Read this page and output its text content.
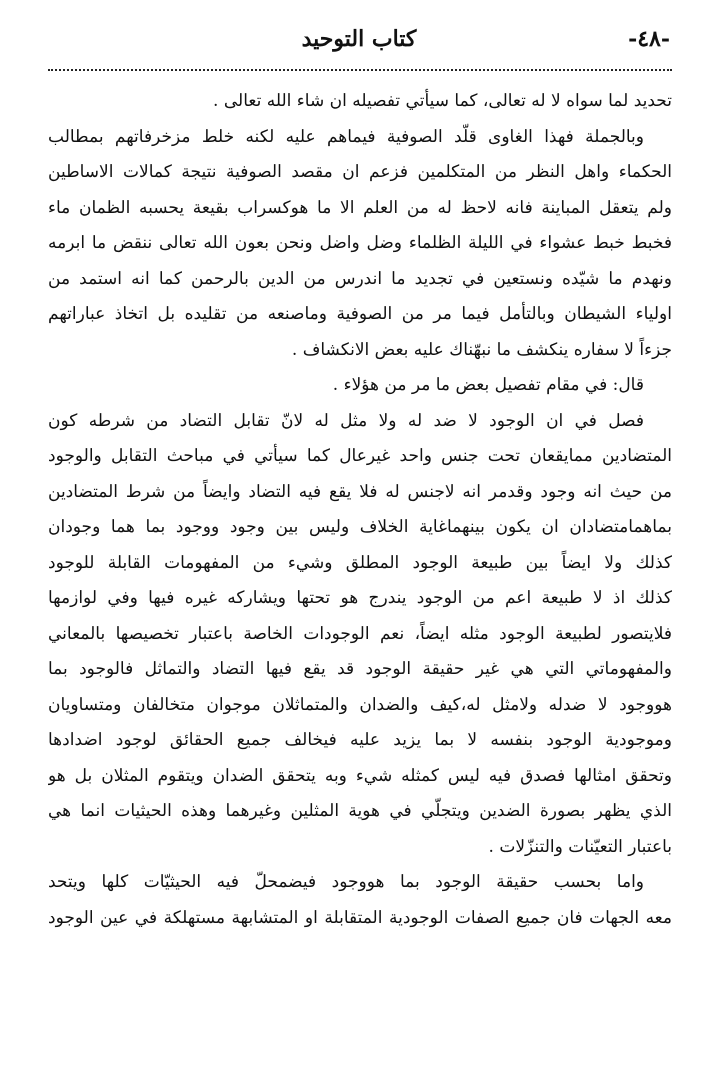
-٤٨-
كتاب التوحيد
تحديد لما سواه لا له تعالى، كما سيأتي تفصيله ان شاء الله تعالى .
وبالجملة فهذا الغاوى قلّد الصوفية فيماهم عليه لكنه خلط مزخرفاتهم بمطالب
الحكماء واهل النظر من المتكلمين فزعم ان مقصد الصوفية نتيجة كمالات الاساطين
ولم يتعقل المباينة فانه لاحظ له من العلم الا ما هوكسراب بقيعة يحسبه الظمان ماء
فخبط خبط عشواء في الليلة الظلماء وضل واضل ونحن بعون الله تعالى ننقض ما ابرمه
ونهدم ما شيّده ونستعين في تجديد ما اندرس من الدين بالرحمن كما انه استمد من
اولياء الشيطان وبالتأمل فيما مر من الصوفية وماصنعه من تقليده بل اتخاذ عباراتهم
جزءاً لا سفاره ينكشف ما نبهّناك عليه بعض الانكشاف .
قال: في مقام تفصيل بعض ما مر من هؤلاء .
فصل في ان الوجود لا ضد له ولا مثل له لانّ تقابل التضاد من شرطه كون
المتضادين ممايقعان تحت جنس واحد غيرعال كما سيأتي في مباحث التقابل والوجود
من حيث انه وجود وقدمر انه لاجنس له فلا يقع فيه التضاد وايضاً من شرط المتضادين
بماهمامتضادان ان يكون بينهماغاية الخلاف وليس بين وجود ووجود بما هما وجودان
كذلك ولا ايضاً بين طبيعة الوجود المطلق وشيء من المفهومات القابلة للوجود
كذلك اذ لا طبيعة اعم من الوجود يندرج هو تحتها ويشاركه غيره فيها وفي لوازمها
فلايتصور لطبيعة الوجود مثله ايضاً، نعم الوجودات الخاصة باعتبار تخصيصها بالمعاني
والمفهوماتي التي هي غير حقيقة الوجود قد يقع فيها التضاد والتماثل فالوجود بما
هووجود لا ضدله ولامثل له،كيف والضدان والمتماثلان موجوان متخالفان ومتساويان
وموجودية الوجود بنفسه لا بما يزيد عليه فيخالف جميع الحقائق لوجود اضدادها
وتحقق امثالها فصدق فيه ليس كمثله شيء وبه يتحقق الضدان ويتقوم المثلان بل هو
الذي يظهر بصورة الضدين ويتجلّي في هوية المثلين وغيرهما وهذه الحيثيات انما هي
باعتبار التعيّنات والتنزّلات .
واما بحسب حقيقة الوجود بما هووجود فيضمحلّ فيه الحيثيّات كلها ويتحد
معه الجهات فان جميع الصفات الوجودية المتقابلة او المتشابهة مستهلكة في عين الوجود
